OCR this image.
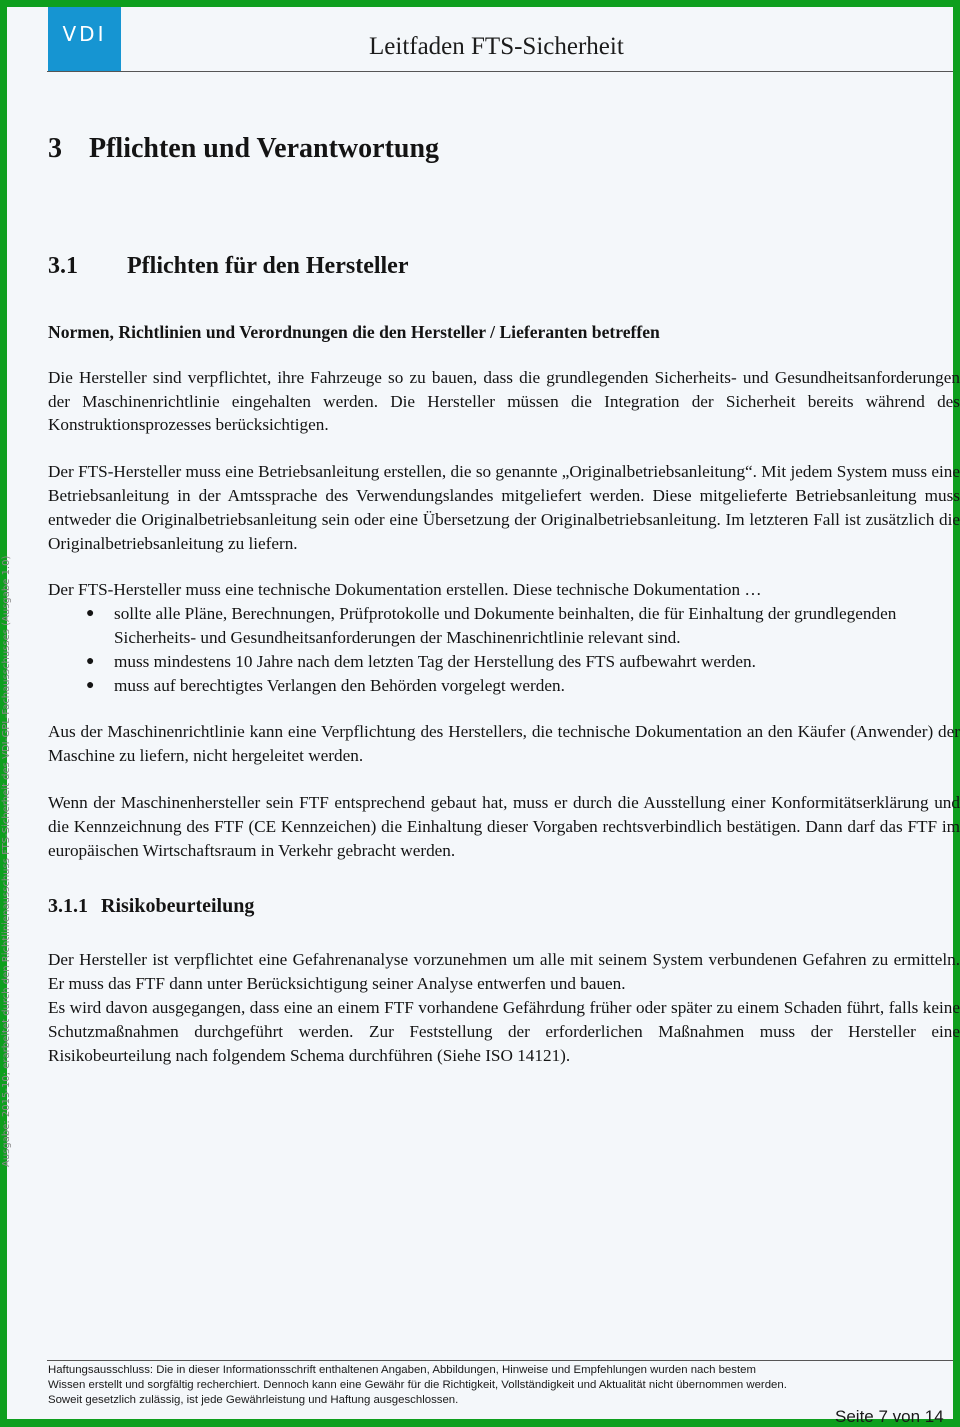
VDI	Leitfaden FTS-Sicherheit
Ausgabe: 2015-10; erarbeitet durch den Richtlinienausschuss FTS-Sicherheit des VDI-GPL-Fachausschusses (Ausgabe 1.0)
3 Pflichten und Verantwortung
3.1 Pflichten für den Hersteller

Normen, Richtlinien und Verordnungen die den Hersteller / Lieferanten betreffen

Die Hersteller sind verpflichtet, ihre Fahrzeuge so zu bauen, dass die grundlegenden Sicherheits- und Gesundheitsanforderungen der Maschinenrichtlinie eingehalten werden. Die Hersteller müssen die Integration der Sicherheit bereits während des Konstruktionsprozesses berücksichtigen.

Der FTS-Hersteller muss eine Betriebsanleitung erstellen, die so genannte „Originalbetriebsanleitung“. Mit jedem System muss eine Betriebsanleitung in der Amtssprache des Verwendungslandes mitgeliefert werden. Diese mitgelieferte Betriebsanleitung muss entweder die Originalbetriebsanleitung sein oder eine Übersetzung der Originalbetriebsanleitung. Im letzteren Fall ist zusätzlich die Originalbetriebsanleitung zu liefern.

Der FTS-Hersteller muss eine technische Dokumentation erstellen. Diese technische Dokumentation …

● sollte alle Pläne, Berechnungen, Prüfprotokolle und Dokumente beinhalten, die für Einhaltung der grundlegenden Sicherheits- und Gesundheitsanforderungen der Maschinenrichtlinie relevant sind.
● muss mindestens 10 Jahre nach dem letzten Tag der Herstellung des FTS aufbewahrt werden.
● muss auf berechtigtes Verlangen den Behörden vorgelegt werden.

Aus der Maschinenrichtlinie kann eine Verpflichtung des Herstellers, die technische Dokumentation an den Käufer (Anwender) der Maschine zu liefern, nicht hergeleitet werden.

Wenn der Maschinenhersteller sein FTF entsprechend gebaut hat, muss er durch die Ausstellung einer Konformitätserklärung und die Kennzeichnung des FTF (CE Kennzeichen) die Einhaltung dieser Vorgaben rechtsverbindlich bestätigen. Dann darf das FTF im europäischen Wirtschaftsraum in Verkehr gebracht werden.

3.1.1 Risikobeurteilung

Der Hersteller ist verpflichtet eine Gefahrenanalyse vorzunehmen um alle mit seinem System verbundenen Gefahren zu ermitteln. Er muss das FTF dann unter Berücksichtigung seiner Analyse entwerfen und bauen.

Es wird davon ausgegangen, dass eine an einem FTF vorhandene Gefährdung früher oder später zu einem Schaden führt, falls keine Schutzmaßnahmen durchgeführt werden. Zur Feststellung der erforderlichen Maßnahmen muss der Hersteller eine Risikobeurteilung nach folgendem Schema durchführen (Siehe ISO 14121).

Haftungsausschluss: Die in dieser Informationsschrift enthaltenen Angaben, Abbildungen, Hinweise und Empfehlungen wurden nach bestem

Wissen erstellt und sorgfältig recherchiert. Dennoch kann eine Gewähr für die Richtigkeit, Vollständigkeit und Aktualität nicht übernommen werden.

Soweit gesetzlich zulässig, ist jede Gewährleistung und Haftung ausgeschlossen.

Seite 7 von 14
